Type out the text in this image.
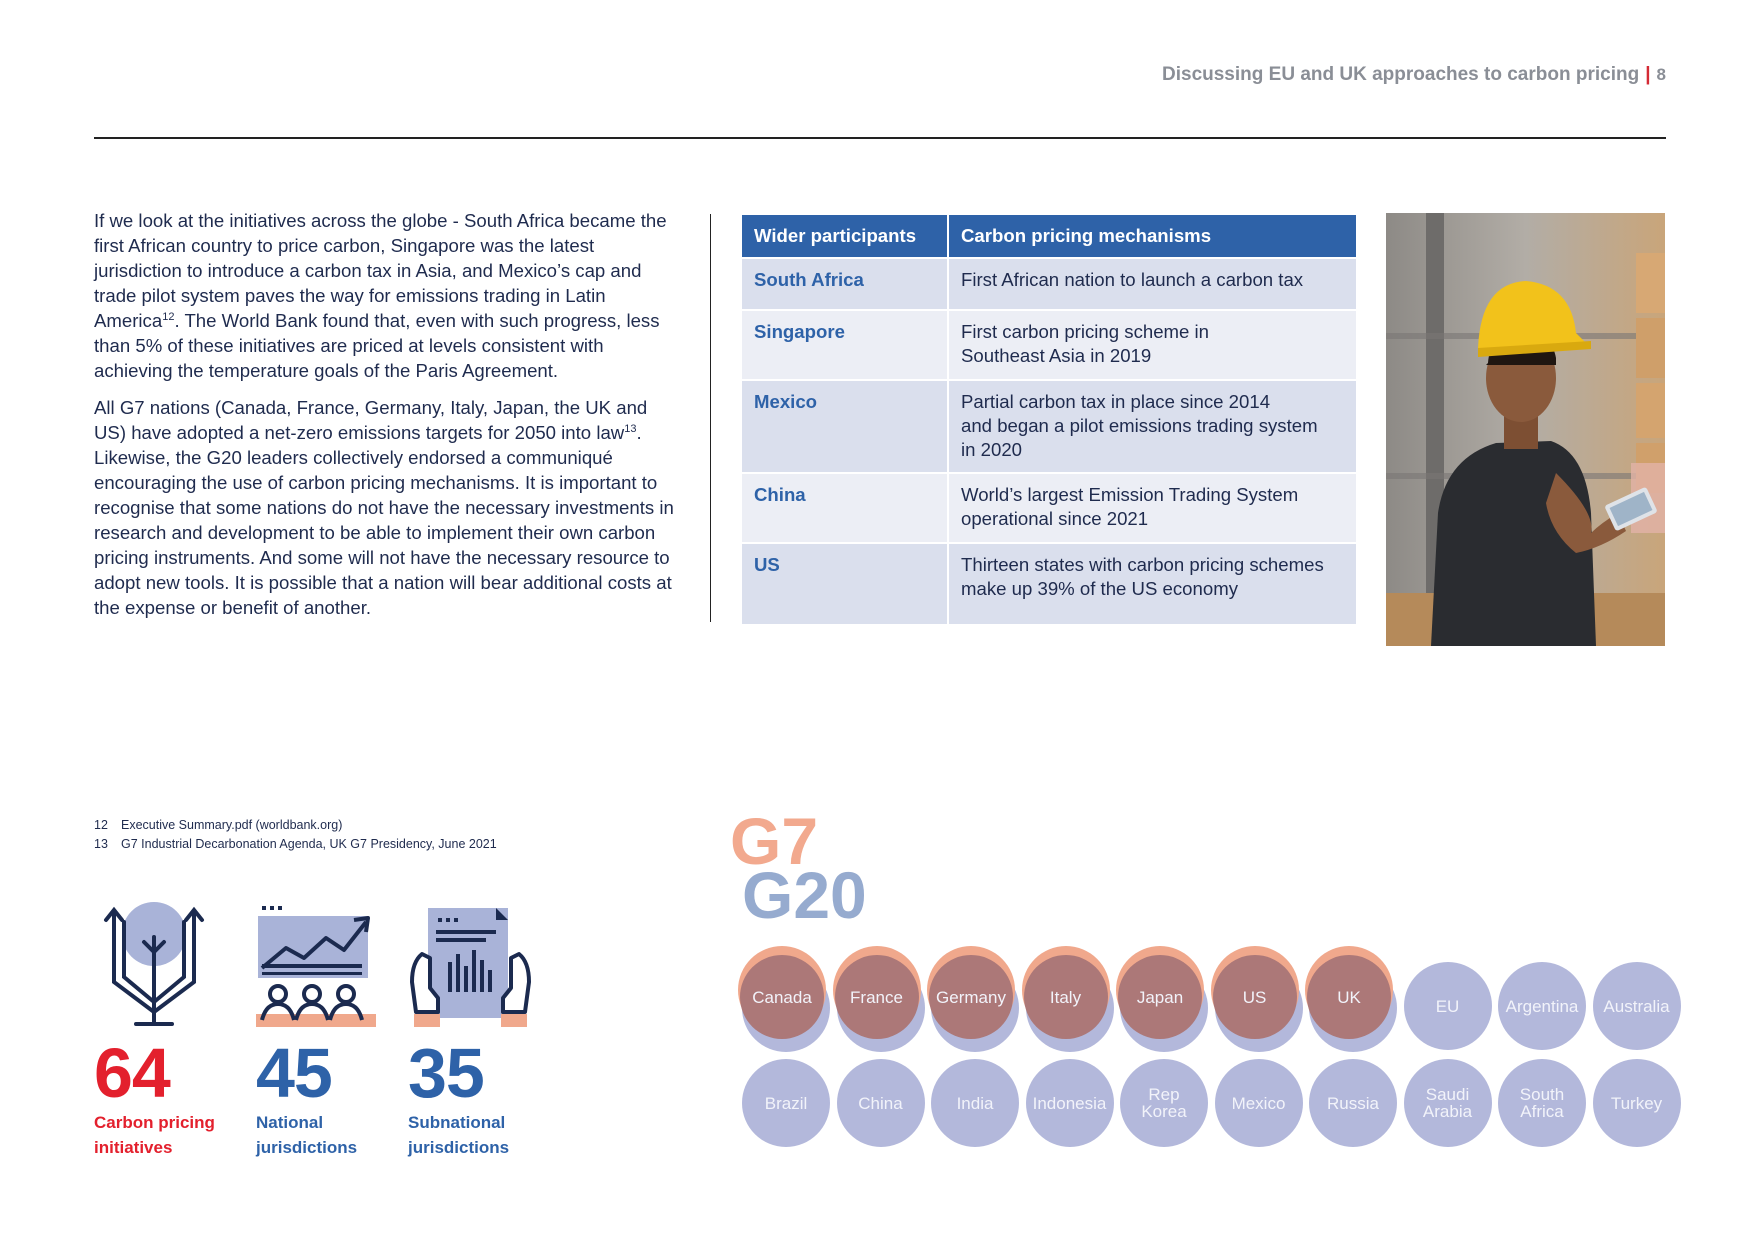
Discussing EU and UK approaches to carbon pricing | 8

If we look at the initiatives across the globe - South Africa became the first African country to price carbon, Singapore was the latest jurisdiction to introduce a carbon tax in Asia, and Mexico’s cap and trade pilot system paves the way for emissions trading in Latin America$^{12}$. The World Bank found that, even with such progress, less than 5% of these initiatives are priced at levels consistent with achieving the temperature goals of the Paris Agreement.

All G7 nations (Canada, France, Germany, Italy, Japan, the UK and US) have adopted a net-zero emissions targets for 2050 into law$^{13}$. Likewise, the G20 leaders collectively endorsed a communiqué encouraging the use of carbon pricing mechanisms. It is important to recognise that some nations do not have the necessary investments in research and development to be able to implement their own carbon pricing instruments. And some will not have the necessary resource to adopt new tools. It is possible that a nation will bear additional costs at the expense or benefit of another.

Wider participants	Carbon pricing mechanisms
South Africa	First African nation to launch a carbon tax
Singapore	First carbon pricing scheme in
Southeast Asia in 2019
Mexico	Partial carbon tax in place since 2014
and began a pilot emissions trading system
in 2020
China	World’s largest Emission Trading System
operational since 2021
US	Thirteen states with carbon pricing schemes
make up 39% of the US economy
12 Executive Summary.pdf (worldbank.org)
13 G7 Industrial Decarbonation Agenda, UK G7 Presidency, June 2021
64
Carbon pricing
initiatives
45
National
jurisdictions
35
Subnational
jurisdictions
G7
G20
Canada France Germany	Italy	Japan	US	UK	EU	Argentina Australia
Brazil	China	India Indonesia	Rep
Korea	Mexico Russia	Saudi
Arabia
South
Africa	Turkey
